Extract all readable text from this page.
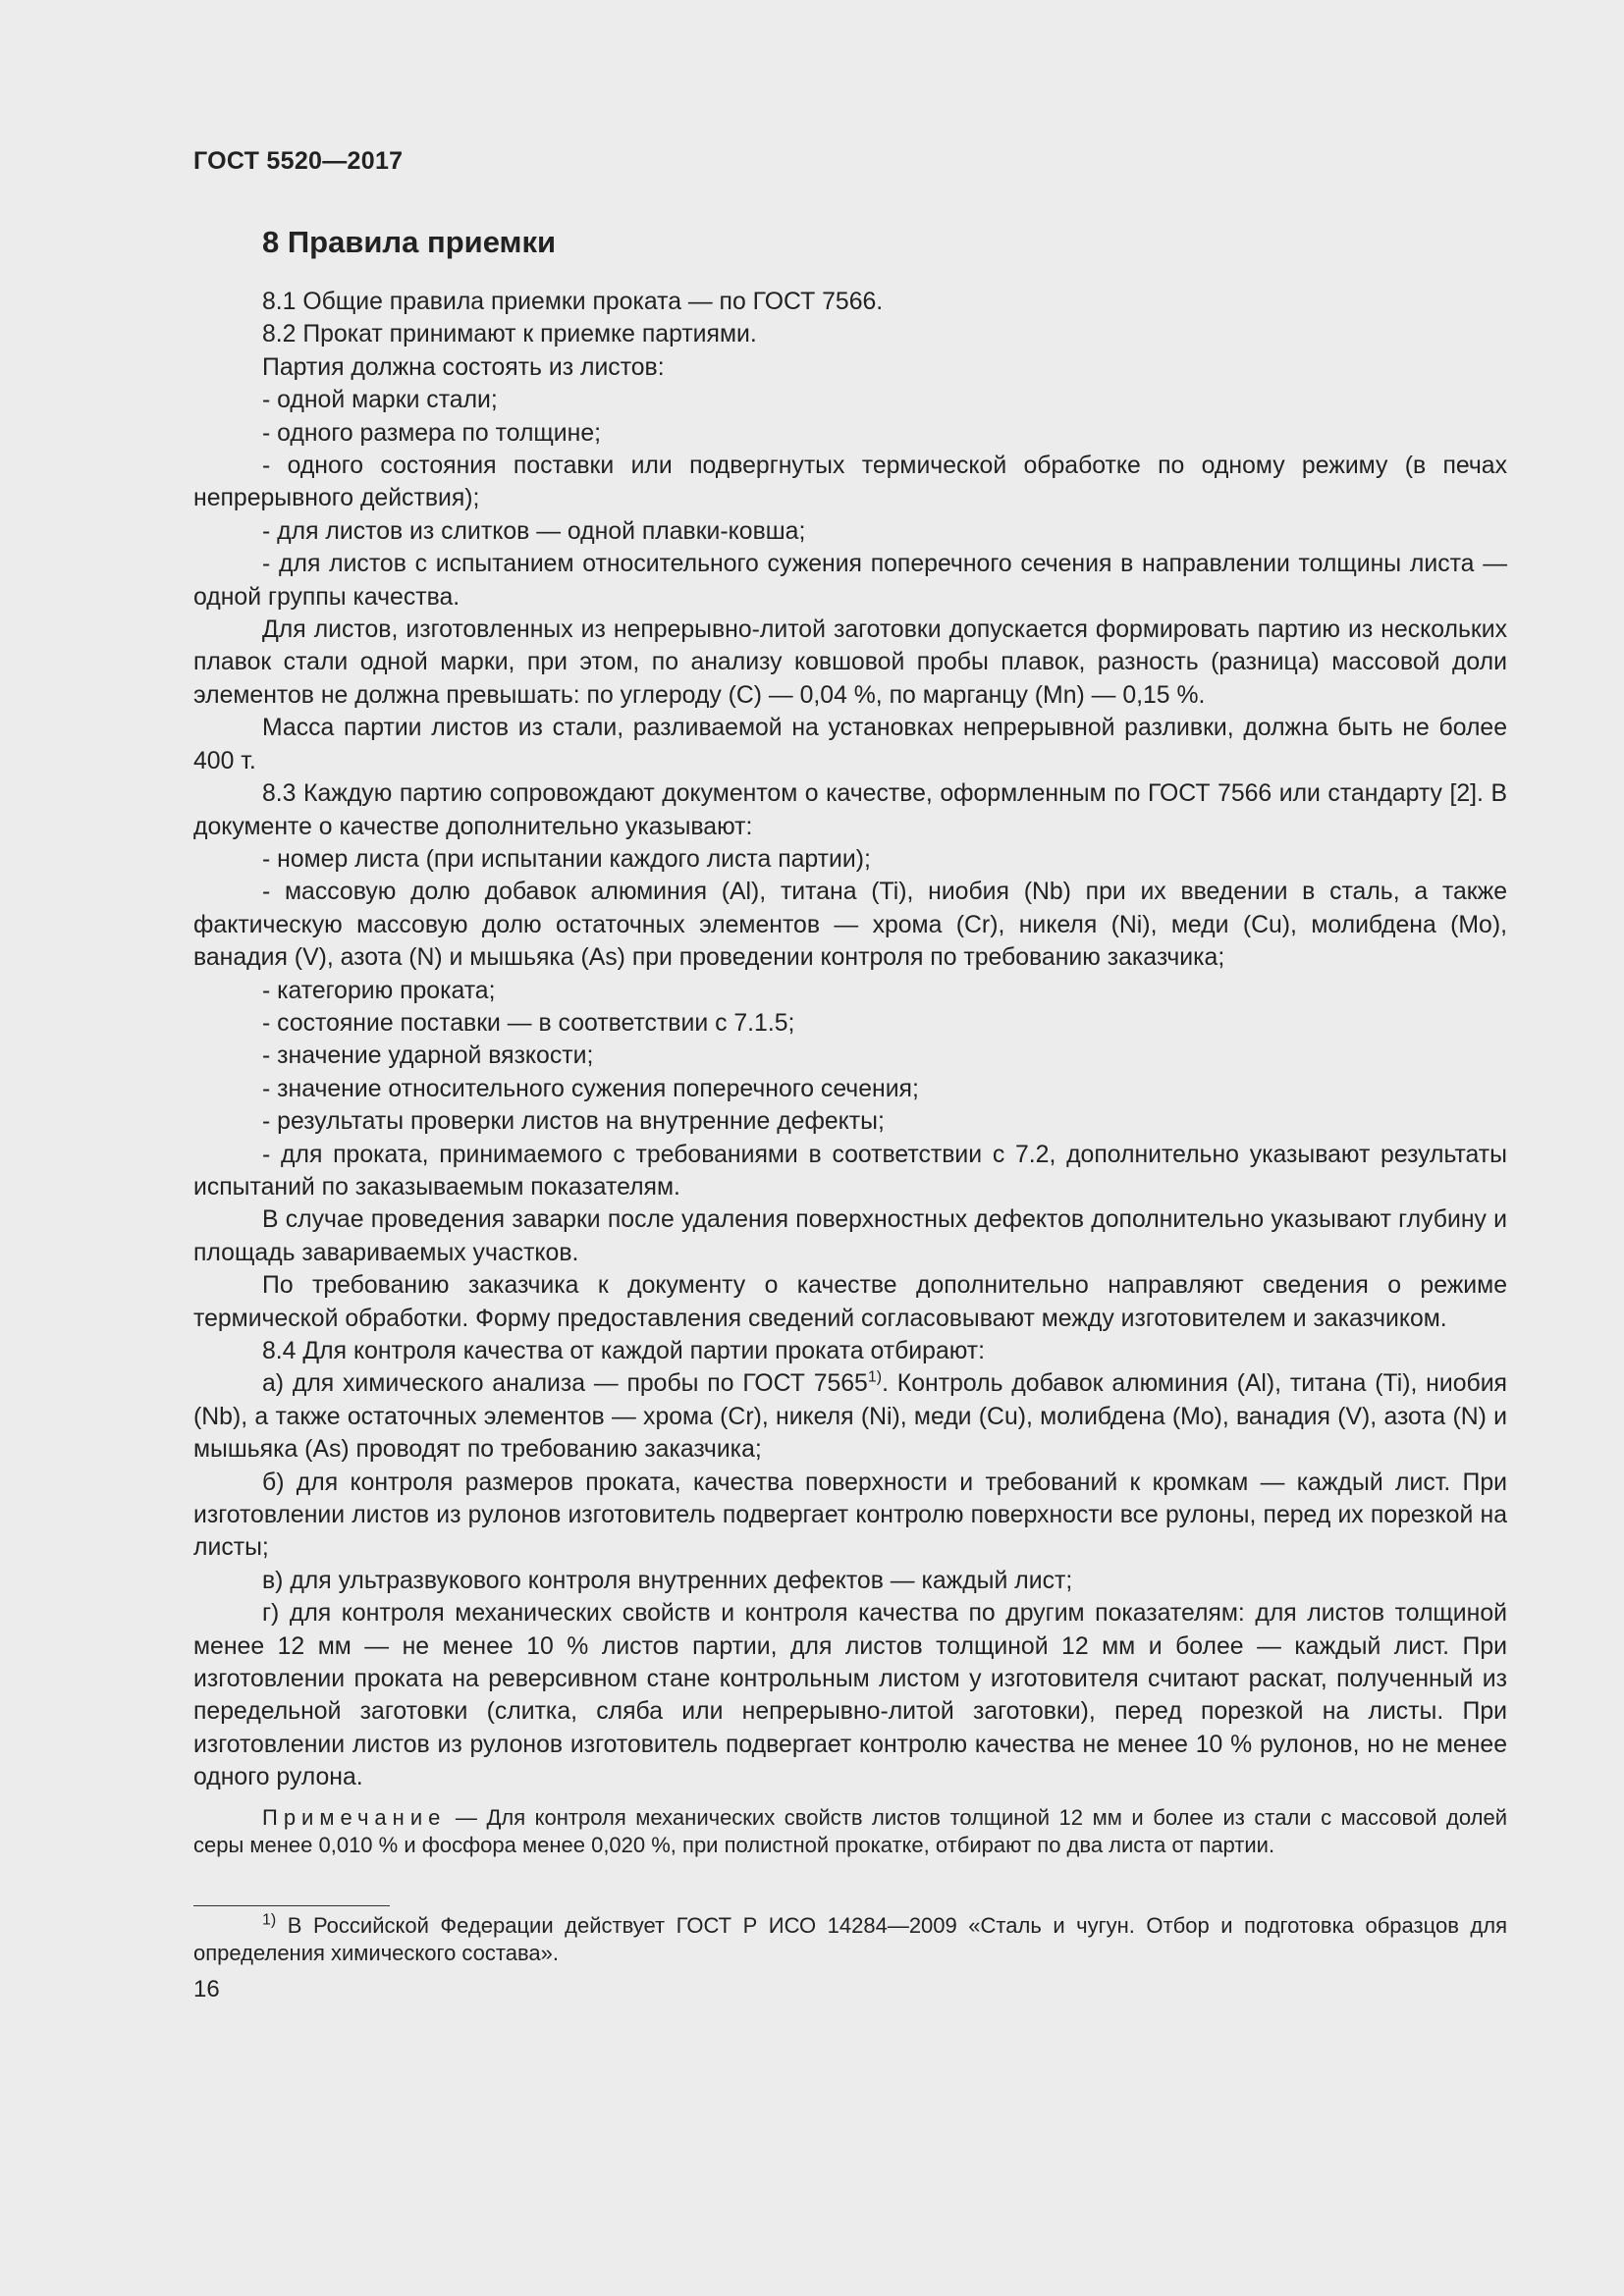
ГОСТ 5520—2017
8 Правила приемки

8.1 Общие правила приемки проката — по ГОСТ 7566.

8.2 Прокат принимают к приемке партиями.

Партия должна состоять из листов:

- одной марки стали;

- одного размера по толщине;

- одного состояния поставки или подвергнутых термической обработке по одному режиму (в печах непрерывного действия);

- для листов из слитков — одной плавки-ковша;

- для листов с испытанием относительного сужения поперечного сечения в направлении толщины листа — одной группы качества.

Для листов, изготовленных из непрерывно-литой заготовки допускается формировать партию из нескольких плавок стали одной марки, при этом, по анализу ковшовой пробы плавок, разность (разница) массовой доли элементов не должна превышать: по углероду (С) — 0,04 %, по марганцу (Mn) — 0,15 %.

Масса партии листов из стали, разливаемой на установках непрерывной разливки, должна быть не более 400 т.

8.3 Каждую партию сопровождают документом о качестве, оформленным по ГОСТ 7566 или стандарту [2]. В документе о качестве дополнительно указывают:

- номер листа (при испытании каждого листа партии);

- массовую долю добавок алюминия (Al), титана (Ti), ниобия (Nb) при их введении в сталь, а также фактическую массовую долю остаточных элементов — хрома (Cr), никеля (Ni), меди (Cu), молибдена (Mo), ванадия (V), азота (N) и мышьяка (As) при проведении контроля по требованию заказчика;

- категорию проката;

- состояние поставки — в соответствии с 7.1.5;

- значение ударной вязкости;

- значение относительного сужения поперечного сечения;

- результаты проверки листов на внутренние дефекты;

- для проката, принимаемого с требованиями в соответствии с 7.2, дополнительно указывают результаты испытаний по заказываемым показателям.

В случае проведения заварки после удаления поверхностных дефектов дополнительно указывают глубину и площадь завариваемых участков.

По требованию заказчика к документу о качестве дополнительно направляют сведения о режиме термической обработки. Форму предоставления сведений согласовывают между изготовителем и заказчиком.

8.4 Для контроля качества от каждой партии проката отбирают:

а) для химического анализа — пробы по ГОСТ 7565$^{1)}$. Контроль добавок алюминия (Al), титана (Ti), ниобия (Nb), а также остаточных элементов — хрома (Cr), никеля (Ni), меди (Cu), молибдена (Mo), ванадия (V), азота (N) и мышьяка (As) проводят по требованию заказчика;

б) для контроля размеров проката, качества поверхности и требований к кромкам — каждый лист. При изготовлении листов из рулонов изготовитель подвергает контролю поверхности все рулоны, перед их порезкой на листы;

в) для ультразвукового контроля внутренних дефектов — каждый лист;

г) для контроля механических свойств и контроля качества по другим показателям: для листов толщиной менее 12 мм — не менее 10 % листов партии, для листов толщиной 12 мм и более — каждый лист. При изготовлении проката на реверсивном стане контрольным листом у изготовителя считают раскат, полученный из передельной заготовки (слитка, сляба или непрерывно-литой заготовки), перед порезкой на листы. При изготовлении листов из рулонов изготовитель подвергает контролю качества не менее 10 % рулонов, но не менее одного рулона.

Примечание — Для контроля механических свойств листов толщиной 12 мм и более из стали с массовой долей серы менее 0,010 % и фосфора менее 0,020 %, при полистной прокатке, отбирают по два листа от партии.

$^{1)}$ В Российской Федерации действует ГОСТ Р ИСО 14284—2009 «Сталь и чугун. Отбор и подготовка образцов для определения химического состава».

16
